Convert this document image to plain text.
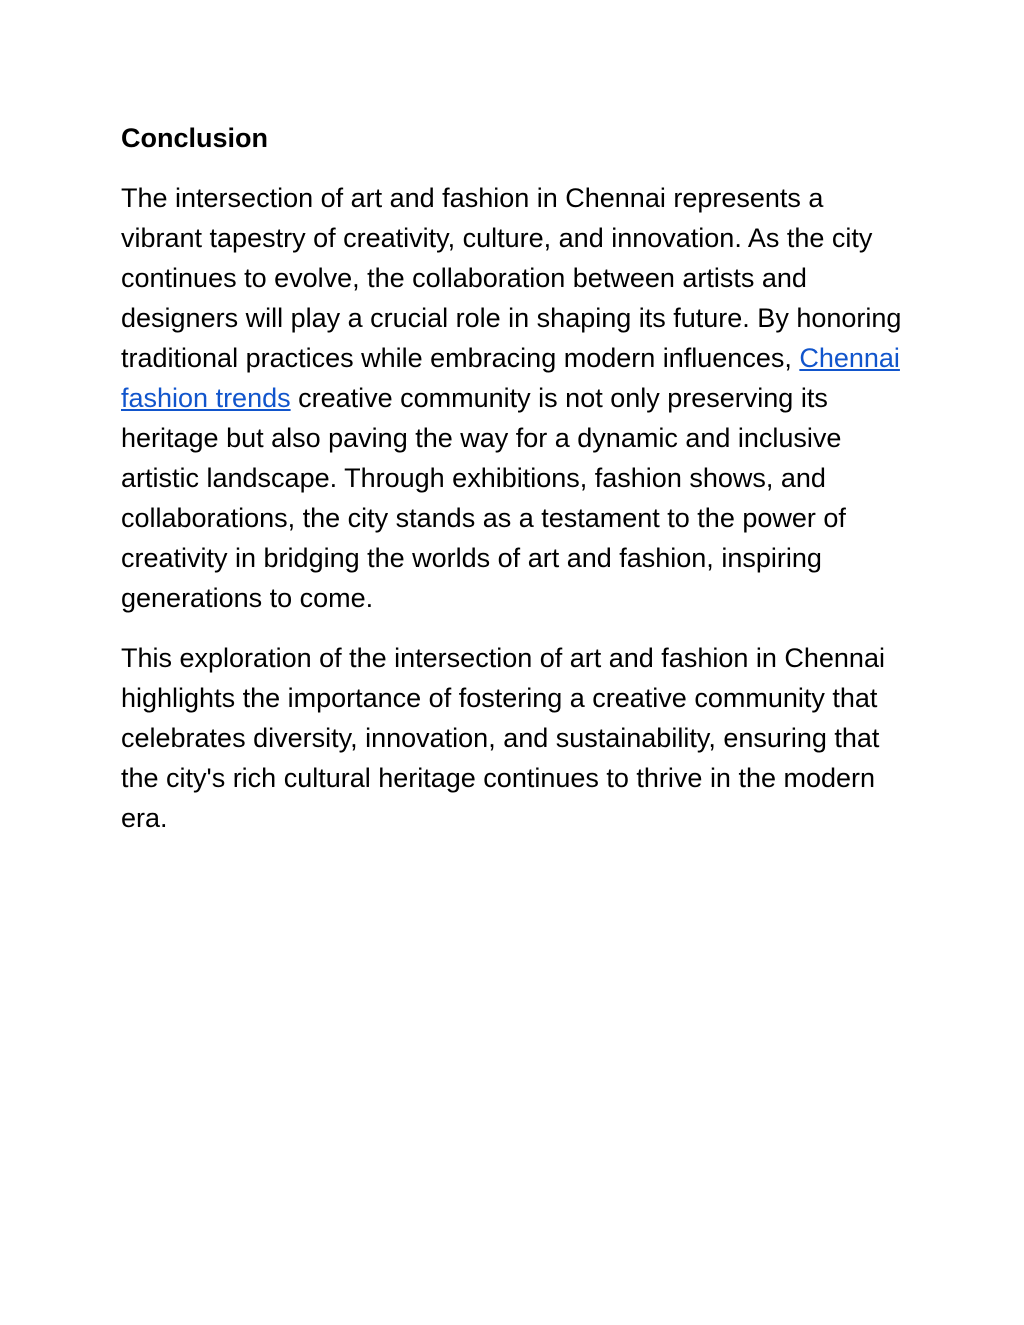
Conclusion

The intersection of art and fashion in Chennai represents a vibrant tapestry of creativity, culture, and innovation. As the city continues to evolve, the collaboration between artists and designers will play a crucial role in shaping its future. By honoring traditional practices while embracing modern influences, Chennai fashion trends creative community is not only preserving its heritage but also paving the way for a dynamic and inclusive artistic landscape. Through exhibitions, fashion shows, and collaborations, the city stands as a testament to the power of creativity in bridging the worlds of art and fashion, inspiring generations to come.

This exploration of the intersection of art and fashion in Chennai highlights the importance of fostering a creative community that celebrates diversity, innovation, and sustainability, ensuring that the city's rich cultural heritage continues to thrive in the modern era.
